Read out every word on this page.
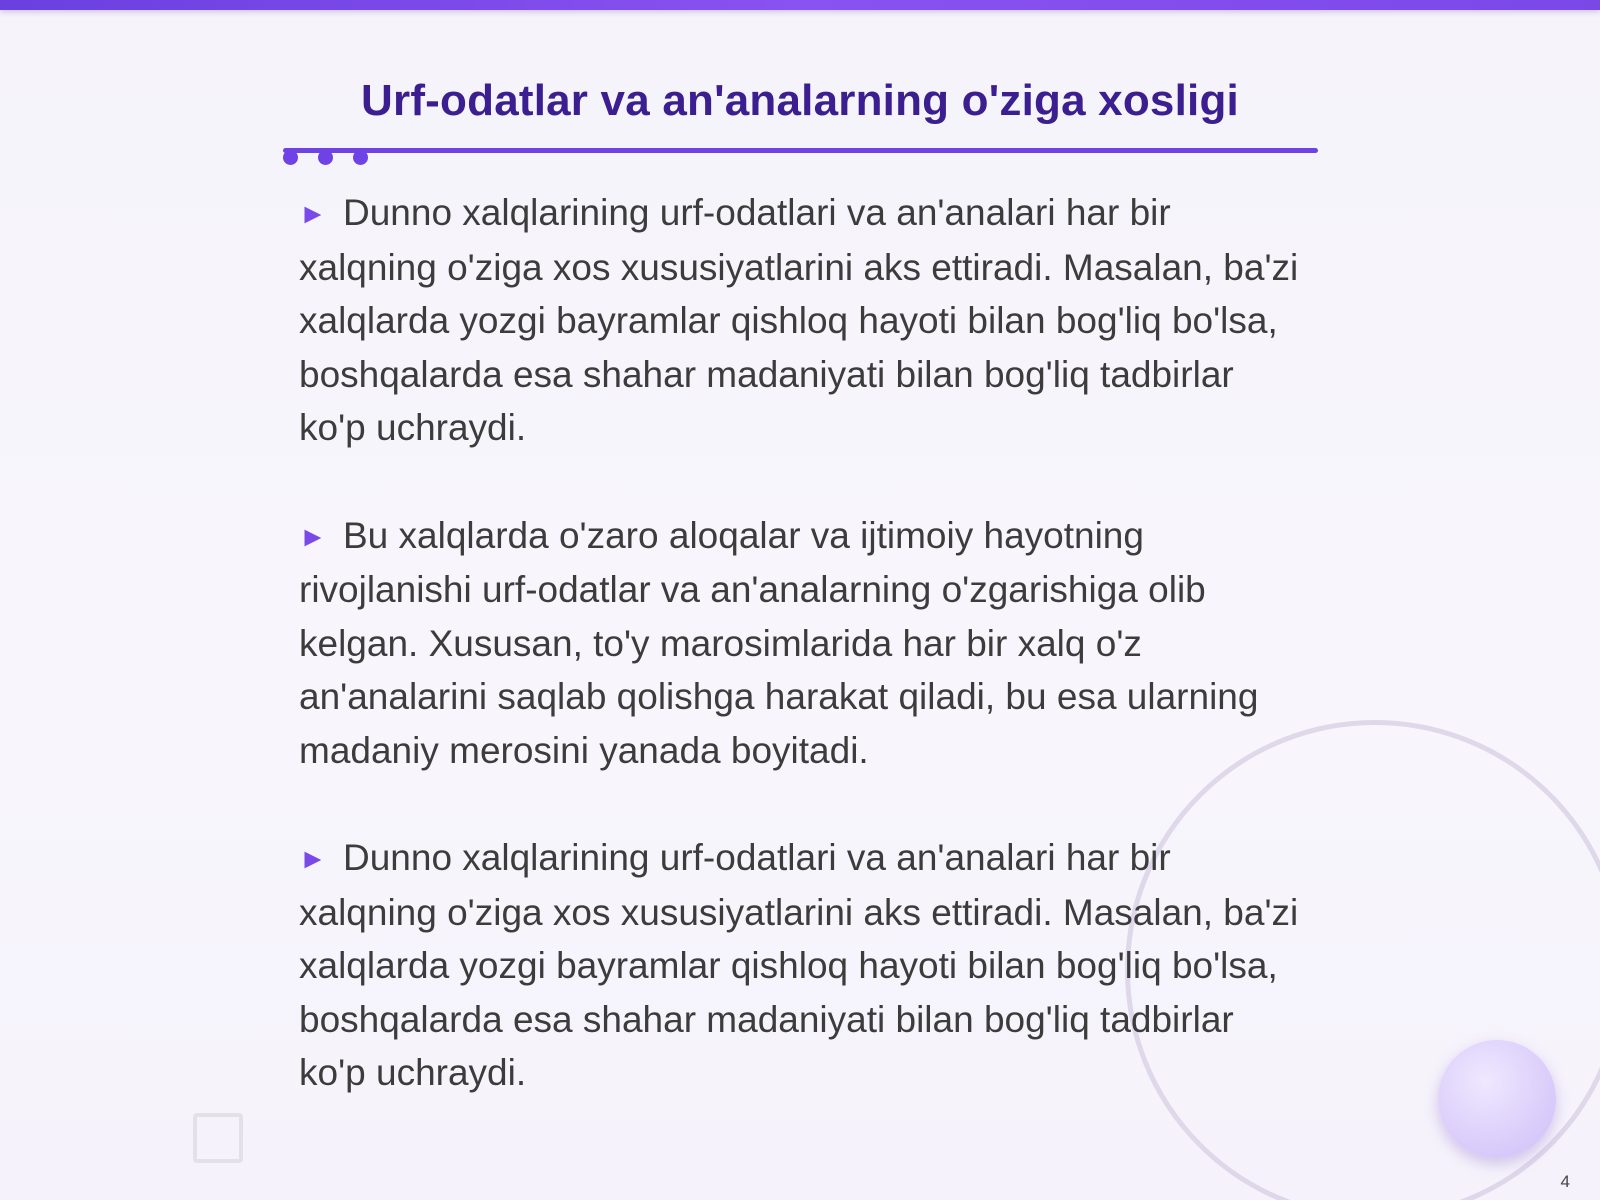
Urf-odatlar va an'analarning o'ziga xosligi

► Dunno xalqlarining urf-odatlari va an'analari har bir xalqning o'ziga xos xususiyatlarini aks ettiradi. Masalan, ba'zi xalqlarda yozgi bayramlar qishloq hayoti bilan bog'liq bo'lsa, boshqalarda esa shahar madaniyati bilan bog'liq tadbirlar ko'p uchraydi.

► Bu xalqlarda o'zaro aloqalar va ijtimoiy hayotning rivojlanishi urf-odatlar va an'analarning o'zgarishiga olib kelgan. Xususan, to'y marosimlarida har bir xalq o'z an'analarini saqlab qolishga harakat qiladi, bu esa ularning madaniy merosini yanada boyitadi.

► Dunno xalqlarining urf-odatlari va an'analari har bir xalqning o'ziga xos xususiyatlarini aks ettiradi. Masalan, ba'zi xalqlarda yozgi bayramlar qishloq hayoti bilan bog'liq bo'lsa, boshqalarda esa shahar madaniyati bilan bog'liq tadbirlar ko'p uchraydi.

4
